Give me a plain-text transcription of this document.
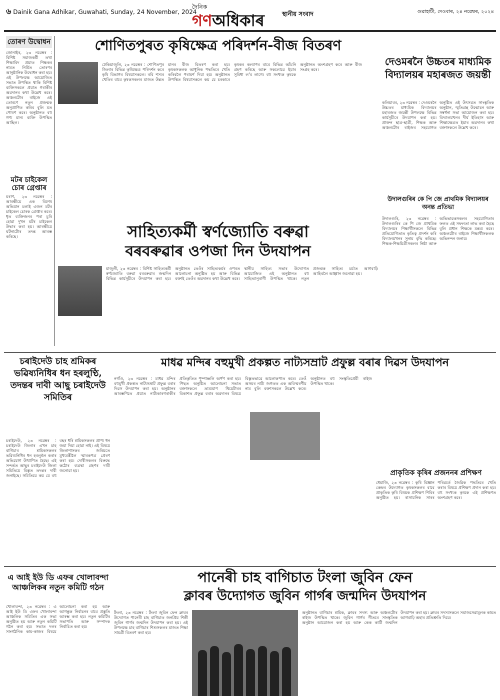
৬ Dainik Gana Adhikar, Guwahati, Sunday, 24 November, 2024
দৈনিক
গণঅধিকাৰ	স্থানীয় সংবাদ	গুৱাহাটী, দেওবাৰ, ২৪ নৱেম্বৰ, ২০২৪
তোৰণ উদ্বোধন
জোনাইৰ, ২৩ নৱেম্বৰ : বিশিষ্ট সমাজকৰ্মী তথা শিক্ষাবিদ প্ৰয়াত শিক্ষকৰ নামত নিৰ্মিত তোৰণৰ আনুষ্ঠানিক উদ্বোধন কৰা হয়। এই উপলক্ষে আয়োজিত সভাত উপস্থিত থাকি বিশিষ্ট ব্যক্তিসকলে প্ৰয়াত গৰাকীৰ অৱদানৰ কথা উল্লেখ কৰে। অঞ্চলটোৰ ৰাইজে এই তোৰণে নতুন প্ৰজন্মক অনুপ্ৰাণিত কৰিব বুলি মত পোষণ কৰে। অনুষ্ঠানত বহু গণ্য মান্য ব্যক্তি উপস্থিত আছিল।
মটৰ চাইকেল চোৰ গ্ৰেপ্তাৰ
মৰাণ, ২৩ নৱেম্বৰ : আৰক্ষীয়ে এক বিশেষ অভিযান চলাই এজন মটৰ চাইকেল চোৰক গ্ৰেপ্তাৰ কৰে। ধৃত ব্যক্তিজনৰ পৰা চুৰি হোৱা দুখন মটৰ চাইকেল উদ্ধাৰ কৰা হয়। আৰক্ষীয়ে ঘটনাটোৰ তদন্ত আৰম্ভ কৰিছে।
শোণিতপুৰত কৃষিক্ষেত্ৰ পৰিদৰ্শন-বীজ বিতৰণ
ঢেকিয়াজুলি, ২৩ নৱেম্বৰ : শোণিতপুৰ জিলাৰ বিভিন্ন কৃষিক্ষেত্ৰ পৰিদৰ্শন কৰে কৃষি বিভাগৰ বিষয়াসকলে। ৰবি শস্যৰ খেতিৰ বাবে কৃষকসকলৰ মাজত উন্নত মানৰ বীজ বিতৰণ কৰা হয়। কৃষকসকলক আধুনিক পদ্ধতিৰে খেতি কৰিবলৈ পৰামৰ্শ দিয়া হয়। অনুষ্ঠানত উপস্থিত বিষয়াসকলে কয় যে চৰকাৰে কৃষকৰ কল্যাণৰ বাবে বিভিন্ন আঁচনি গ্ৰহণ কৰিছে আৰু সকলোৱে ইয়াৰ সুবিধা ল'ব লাগে। বহু সংখ্যক কৃষকে অনুষ্ঠানত অংশগ্ৰহণ কৰে আৰু বীজ সংগ্ৰহ কৰে।
দেওমৰনৈ উচ্চতৰ মাধ্যমিক বিদ্যালয়ৰ মহাৰজত জয়ন্তী
কলিয়াবৰ, ২৩ নৱেম্বৰ : দেওমৰনৈ উচ্চতৰ মাধ্যমিক বিদ্যালয়ৰ মহাৰজত জয়ন্তী উপলক্ষে বিভিন্ন কাৰ্যসূচীৰে উদযাপন কৰা হয়। প্ৰাক্তন ছাত্ৰ-ছাত্ৰী, শিক্ষক আৰু অঞ্চলটোৰ ৰাইজৰ সহযোগত অনুষ্ঠিত এই উৎসৱত সাংস্কৃতিক অনুষ্ঠান, স্মৃতিগ্ৰন্থ উন্মোচন আৰু সম্বৰ্ধনা সভা আয়োজন কৰা হয়। বিদ্যালয়খনৰ দীৰ্ঘ ইতিহাস আৰু শিক্ষাক্ষেত্ৰত ইয়াৰ অৱদানৰ কথা বক্তাসকলে উল্লেখ কৰে।
সাহিত্যকৰ্মী স্বৰ্ণজ্যোতি বৰুৱা
বৰবৰুৱাৰ ওপজা দিন উদযাপন
মাজুলী, ২৩ নৱেম্বৰ : বিশিষ্ট সাহিত্যকৰ্মী স্বৰ্ণজ্যোতি বৰুৱা বৰবৰুৱাৰ জন্মদিন বিভিন্ন কাৰ্যসূচীৰে উদযাপন কৰা হয়। অনুষ্ঠানত তেওঁৰ সাহিত্যকৰ্মৰ ওপৰত আলোচনা অনুষ্ঠিত হয় আৰু বিভিন্ন বক্তাই তেওঁৰ অৱদানৰ কথা উল্লেখ কৰে। স্থানীয় সাহিত্য সভাৰ উদ্যোগত আয়োজিত এই অনুষ্ঠানত বহু সাহিত্যানুৰাগী উপস্থিত থাকে। নতুন প্ৰজন্মক সাহিত্য চৰ্চাত আগবাঢ়ি আহিবলৈ আহ্বান জনোৱা হয়।
উদালগুৰিৰ কে পি জে প্ৰাথমিক বিদ্যালয়ৰ অনন্ত প্ৰতিভা
উদালগুৰি, ২৩ নৱেম্বৰ : উদালগুৰিৰ কে পি জে প্ৰাথমিক বিদ্যালয়ৰ শিক্ষাৰ্থীসকলে বিভিন্ন প্ৰতিযোগিতাত কৃতিত্ব প্ৰদৰ্শন কৰি বিদ্যালয়খনৰ সুনাম বৃদ্ধি কৰিছে। শিক্ষক-শিক্ষয়িত্ৰীসকলৰ নিষ্ঠা আৰু অভিভাৱকসকলৰ সহযোগিতাৰ ফলত এই সফলতা লাভ কৰা হৈছে বুলি প্ৰধান শিক্ষকে মন্তব্য কৰে। অঞ্চলটোৰ ৰাইজে শিক্ষাৰ্থীসকলক অভিনন্দন জনায়।
চৰাইদেউ চাহ শ্ৰমিকৰ ভৱিষ্যনিধিৰ ধন হৰলুণ্ঠি, তদন্তৰ দাবী আছু চৰাইদেউ সমিতিৰ
চৰাইদেউ, ২৩ নৱেম্বৰ : চৰাইদেউ জিলাৰ এখন চাহ বাগিচাৰ শ্ৰমিকসকলৰ ভৱিষ্যনিধিৰ ধন হৰলুণ্ঠন কৰাৰ অভিযোগ উত্থাপিত হৈছে। এই সন্দৰ্ভত আছুৰ চৰাইদেউ জিলা সমিতিয়ে বিস্তৃত তদন্তৰ দাবী জনাইছে। সমিতিয়ে কয় যে বহু বছৰ ধৰি শ্ৰমিকসকলৰ প্ৰাপ্য ধন জমা দিয়া হোৱা নাই। এই বিষয়ে জিলাশাসকৰ জৰিয়তে মুখ্যমন্ত্ৰীলৈ স্মাৰকপত্ৰ প্ৰেৰণ কৰা হয়। দোষীসকলৰ বিৰুদ্ধে কঠোৰ ব্যৱস্থা গ্ৰহণৰ দাবী জনোৱা হয়।
মাধৱ মন্দিৰ বহুমুখী প্ৰকল্পত নাট্যসম্ৰাট প্ৰফুল্ল বৰাৰ দিৱস উদযাপন
নগাঁও, ২৩ নৱেম্বৰ : মাধৱ মন্দিৰ বহুমুখী প্ৰকল্পত নাট্যসম্ৰাট প্ৰফুল্ল বৰাৰ দিৱস উদযাপন কৰা হয়। অনুষ্ঠানৰ আৰম্ভণিতে প্ৰয়াত নাট্যকাৰগৰাকীৰ প্ৰতিকৃতিত পুষ্পাঞ্জলি অৰ্পণ কৰা হয়। পিছত অনুষ্ঠিত আলোচনা সভাত বক্তাসকলে ভ্ৰাম্যমাণ থিয়েটাৰৰ বিকাশত প্ৰফুল্ল বৰাৰ অৱদানৰ বিষয়ে বিস্তৃতভাৱে আলোকপাত কৰে। তেওঁ অসমৰ নাট্য জগতত এক অবিস্মৰণীয় নাম বুলি বক্তাসকলে উল্লেখ কৰে। অনুষ্ঠানত বহু সংস্কৃতিপ্ৰেমী ৰাইজ উপস্থিত থাকে।
প্ৰাকৃতিক কৃষিৰ প্ৰজননৰ প্ৰশিক্ষণ
ধেমাজি, ২৩ নৱেম্বৰ : কৃষি বিজ্ঞান কেন্দ্ৰৰ উদ্যোগত কৃষকসকলৰ বাবে প্ৰাকৃতিক কৃষি বিষয়ক প্ৰশিক্ষণ শিবিৰ অনুষ্ঠিত হয়। ৰাসায়নিক সাৰৰ পৰিৱৰ্তে জৈৱিক পদ্ধতিৰে খেতি কৰাৰ বিষয়ে প্ৰশিক্ষণ প্ৰদান কৰা হয়। বহু সংখ্যক কৃষকে এই প্ৰশিক্ষণত অংশগ্ৰহণ কৰে।
এ আই ইউ ডি এফৰ খোলাবন্দা আঞ্চলিকৰ নতুন কমিটি গঠন
খোলাবন্দা, ২৩ নৱেম্বৰ : এ আই ইউ ডি এফৰ খোলাবন্দা আঞ্চলিক সমিতিৰ এক সভা অনুষ্ঠিত হয় আৰু নতুন কমিটি গঠন কৰা হয়। সভাত দলৰ সাংগঠনিক কাম-কাজৰ বিষয়ে আলোচনা কৰা হয় আৰু আগন্তুক নিৰ্বাচনৰ বাবে প্ৰস্তুতি আৰম্ভ কৰা হয়। নতুন কমিটিৰ সভাপতি আৰু সম্পাদক নিৰ্বাচিত কৰা হয়।
পানেৰী চাহ বাগিচাত টংলা জুবিন ফেন
ক্লাবৰ উদ্যোগত জুবিন গাৰ্গৰ জন্মদিন উদযাপন
টংলা, ২৩ নৱেম্বৰ : টংলা জুবিন ফেন ক্লাবৰ উদ্যোগত পানেৰী চাহ বাগিচাত জনপ্ৰিয় শিল্পী জুবিন গাৰ্গৰ জন্মদিন উদযাপন কৰা হয়। এই উপলক্ষে চাহ বাগিচাৰ শিশুসকলৰ মাজত শিক্ষা সামগ্ৰী বিতৰণ কৰা হয়।
অনুষ্ঠানত বাগিচাৰ শ্ৰমিক, ক্লাবৰ সদস্য আৰু অঞ্চলটোৰ ৰাইজ উপস্থিত থাকে। জুবিন গাৰ্গৰ গীতৰে সাংস্কৃতিক অনুষ্ঠান আয়োজন কৰা হয় আৰু কেক কাটি জন্মদিন উদযাপন কৰা হয়। ক্লাবৰ সদস্যসকলে সমাজসেৱামূলক কামত আগবাঢ়ি অহাৰ প্ৰতিশ্ৰুতি দিয়ে।
